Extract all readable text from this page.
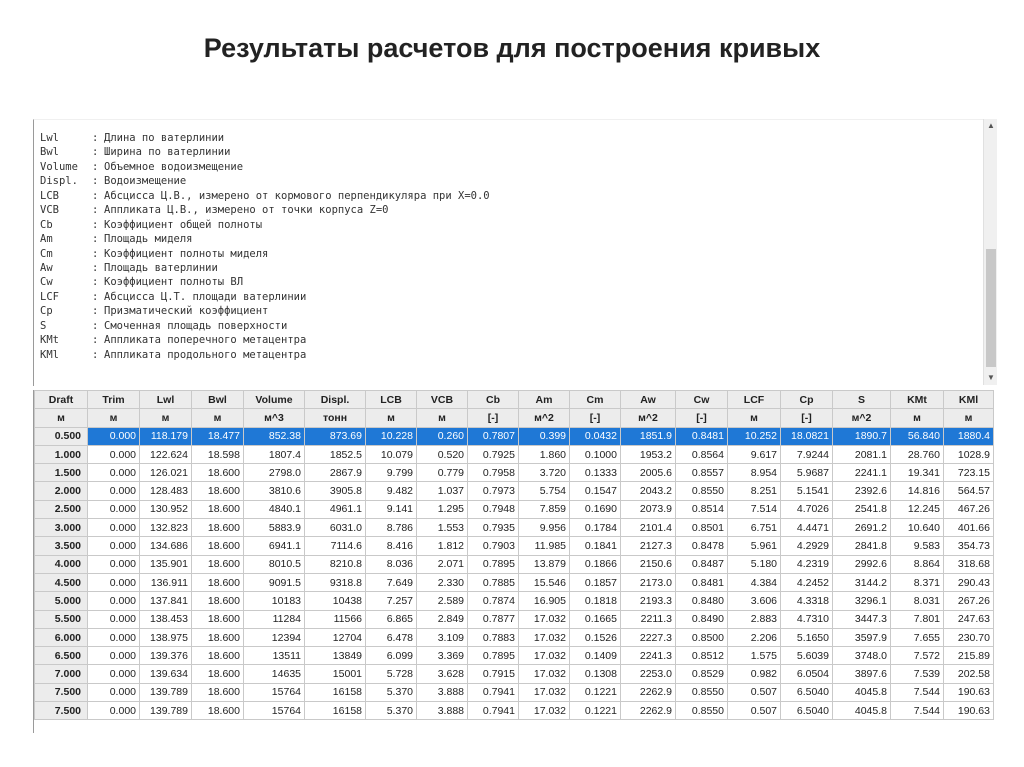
Результаты расчетов для построения кривых
Lwl	: Длина по ватерлинии
Bwl	: Ширина по ватерлинии
Volume : Объемное водоизмещение
Displ. : Водоизмещение
LCB	: Абсцисса Ц.В., измерено от кормового перпендикуляра при X=0.0
VCB	: Аппликата Ц.В., измерено от точки корпуса Z=0
Cb	: Коэффициент общей полноты
Am	: Площадь миделя
Cm	: Коэффициент полноты миделя
Aw	: Площадь ватерлинии
Cw	: Коэффициент полноты ВЛ
LCF	: Абсцисса Ц.Т. площади ватерлинии
Cp	: Призматический коэффициент
S	: Смоченная площадь поверхности
KMt	: Аппликата поперечного метацентра
KMl	: Аппликата продольного метацентра
▲
▼
Draft	Trim	Lwl	Bwl	Volume	Displ.	LCB	VCB	Cb	Am	Cm	Aw	Cw	LCF	Cp	S	KMt	KMl
м	м	м	м	м^3	тонн	м	м	[-]	м^2	[-]	м^2	[-]	м	[-]	м^2	м	м
0.500	0.000	118.179	18.477	852.38	873.69	10.228	0.260	0.7807	0.399	0.0432	1851.9	0.8481	10.252	18.0821	1890.7	56.840	1880.4
1.000	0.000	122.624	18.598	1807.4	1852.5	10.079	0.520	0.7925	1.860	0.1000	1953.2	0.8564	9.617	7.9244	2081.1	28.760	1028.9
1.500	0.000	126.021	18.600	2798.0	2867.9	9.799	0.779	0.7958	3.720	0.1333	2005.6	0.8557	8.954	5.9687	2241.1	19.341	723.15
2.000	0.000	128.483	18.600	3810.6	3905.8	9.482	1.037	0.7973	5.754	0.1547	2043.2	0.8550	8.251	5.1541	2392.6	14.816	564.57
2.500	0.000	130.952	18.600	4840.1	4961.1	9.141	1.295	0.7948	7.859	0.1690	2073.9	0.8514	7.514	4.7026	2541.8	12.245	467.26
3.000	0.000	132.823	18.600	5883.9	6031.0	8.786	1.553	0.7935	9.956	0.1784	2101.4	0.8501	6.751	4.4471	2691.2	10.640	401.66
3.500	0.000	134.686	18.600	6941.1	7114.6	8.416	1.812	0.7903	11.985	0.1841	2127.3	0.8478	5.961	4.2929	2841.8	9.583	354.73
4.000	0.000	135.901	18.600	8010.5	8210.8	8.036	2.071	0.7895	13.879	0.1866	2150.6	0.8487	5.180	4.2319	2992.6	8.864	318.68
4.500	0.000	136.911	18.600	9091.5	9318.8	7.649	2.330	0.7885	15.546	0.1857	2173.0	0.8481	4.384	4.2452	3144.2	8.371	290.43
5.000	0.000	137.841	18.600	10183	10438	7.257	2.589	0.7874	16.905	0.1818	2193.3	0.8480	3.606	4.3318	3296.1	8.031	267.26
5.500	0.000	138.453	18.600	11284	11566	6.865	2.849	0.7877	17.032	0.1665	2211.3	0.8490	2.883	4.7310	3447.3	7.801	247.63
6.000	0.000	138.975	18.600	12394	12704	6.478	3.109	0.7883	17.032	0.1526	2227.3	0.8500	2.206	5.1650	3597.9	7.655	230.70
6.500	0.000	139.376	18.600	13511	13849	6.099	3.369	0.7895	17.032	0.1409	2241.3	0.8512	1.575	5.6039	3748.0	7.572	215.89
7.000	0.000	139.634	18.600	14635	15001	5.728	3.628	0.7915	17.032	0.1308	2253.0	0.8529	0.982	6.0504	3897.6	7.539	202.58
7.500	0.000	139.789	18.600	15764	16158	5.370	3.888	0.7941	17.032	0.1221	2262.9	0.8550	0.507	6.5040	4045.8	7.544	190.63
7.500	0.000	139.789	18.600	15764	16158	5.370	3.888	0.7941	17.032	0.1221	2262.9	0.8550	0.507	6.5040	4045.8	7.544	190.63
